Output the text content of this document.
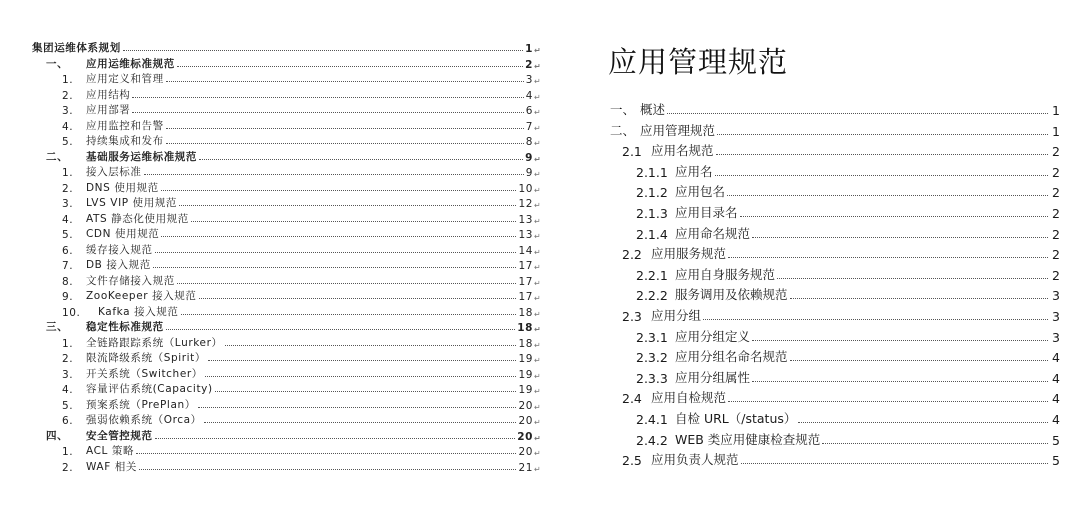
集团运维体系规划	1 ↵
一、	应用运维标准规范	2 ↵
1.	应用定义和管理	3 ↵
2.	应用结构	4 ↵
3.	应用部署	6 ↵
4.	应用监控和告警	7 ↵
5.	持续集成和发布	8 ↵
二、	基础服务运维标准规范	9 ↵
1.	接入层标准	9 ↵
2.	DNS 使用规范	10 ↵
3.	LVS VIP 使用规范	12 ↵
4.	ATS 静态化使用规范	13 ↵
5.	CDN 使用规范	13 ↵
6.	缓存接入规范	14 ↵
7.	DB 接入规范	17 ↵
8.	文件存储接入规范	17 ↵
9.	ZooKeeper 接入规范	17 ↵
10.	Kafka 接入规范	18 ↵
三、	稳定性标准规范	18 ↵
1.	全链路跟踪系统（Lurker）	18 ↵
2.	限流降级系统（Spirit）	19 ↵
3.	开关系统（Switcher）	19 ↵
4.	容量评估系统(Capacity)	19 ↵
5.	预案系统（PrePlan）	20 ↵
6.	强弱依赖系统（Orca）	20 ↵
四、	安全管控规范	20 ↵
1.	ACL 策略	20 ↵
2.	WAF 相关	21 ↵
应用管理规范
一、 概述	1
二、 应用管理规范	1
2.1 应用名规范	2
2.1.1 应用名	2
2.1.2 应用包名	2
2.1.3 应用目录名	2
2.1.4 应用命名规范	2
2.2 应用服务规范	2
2.2.1 应用自身服务规范	2
2.2.2 服务调用及依赖规范	3
2.3 应用分组	3
2.3.1 应用分组定义	3
2.3.2 应用分组名命名规范	4
2.3.3 应用分组属性	4
2.4 应用自检规范	4
2.4.1 自检 URL（/status）	4
2.4.2 WEB 类应用健康检查规范	5
2.5 应用负责人规范	5
